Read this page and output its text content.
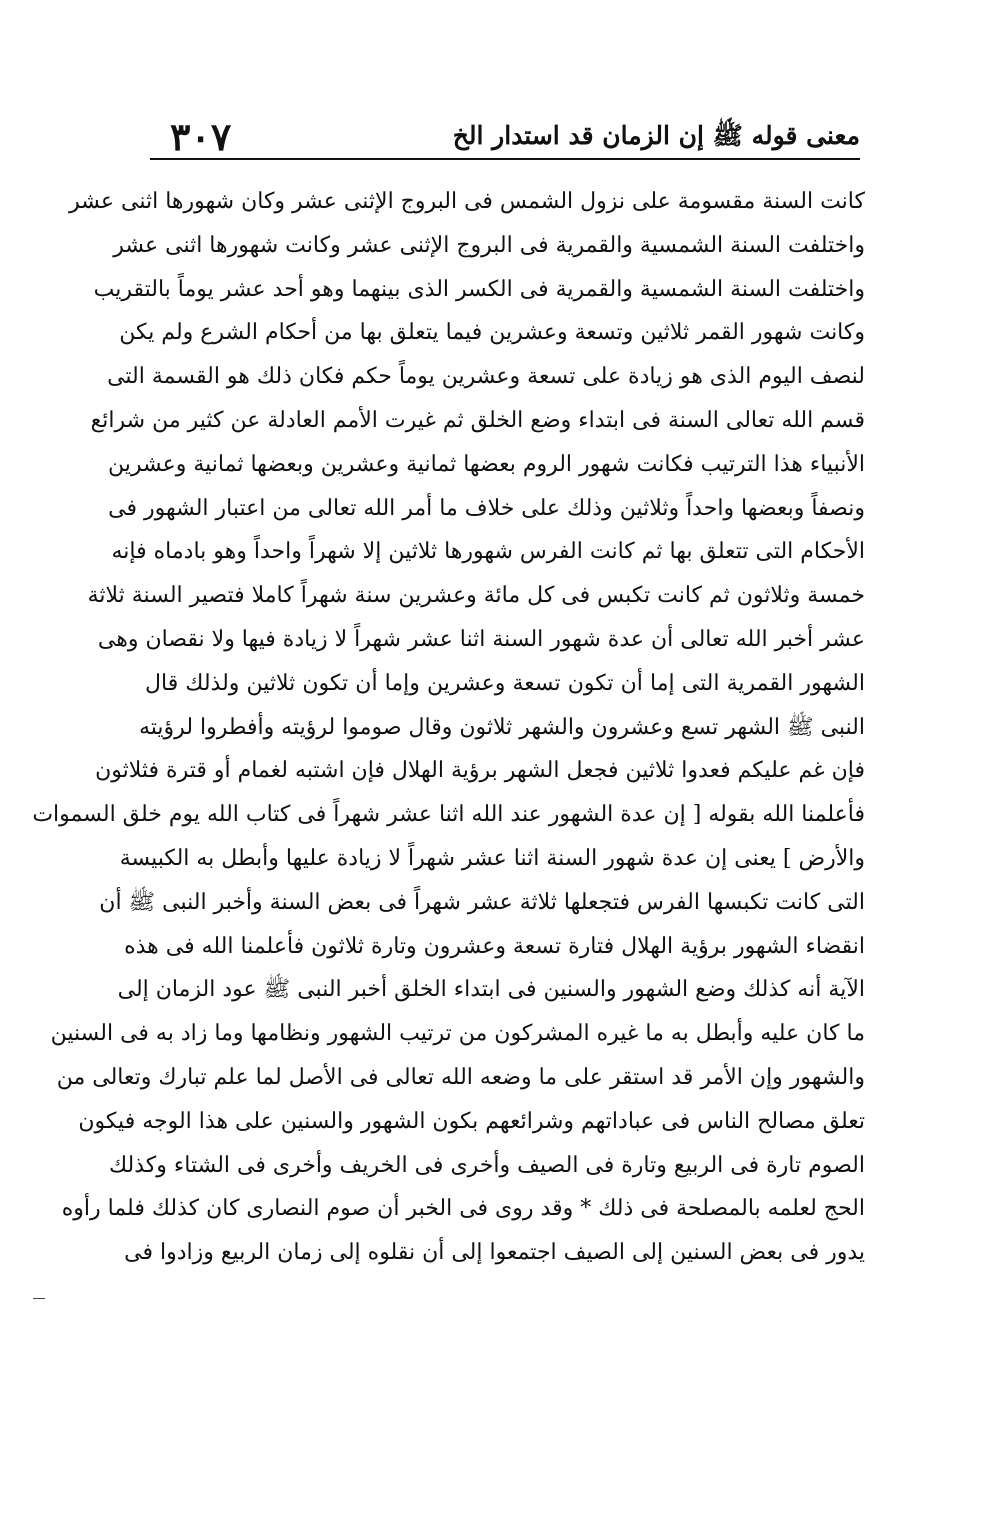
٣٠٧	معنى قوله ﷺ إن الزمان قد استدار الخ
كانت السنة مقسومة على نزول الشمس فى البروج الإثنى عشر وكان شهورها اثنى عشر
واختلفت السنة الشمسية والقمرية فى البروج الإثنى عشر وكانت شهورها اثنى عشر
واختلفت السنة الشمسية والقمرية فى الكسر الذى بينهما وهو أحد عشر يوماً بالتقريب
وكانت شهور القمر ثلاثين وتسعة وعشرين فيما يتعلق بها من أحكام الشرع ولم يكن
لنصف اليوم الذى هو زيادة على تسعة وعشرين يوماً حكم فكان ذلك هو القسمة التى
قسم الله تعالى السنة فى ابتداء وضع الخلق ثم غيرت الأمم العادلة عن كثير من شرائع
الأنبياء هذا الترتيب فكانت شهور الروم بعضها ثمانية وعشرين وبعضها ثمانية وعشرين
ونصفاً وبعضها واحداً وثلاثين وذلك على خلاف ما أمر الله تعالى من اعتبار الشهور فى
الأحكام التى تتعلق بها ثم كانت الفرس شهورها ثلاثين إلا شهراً واحداً وهو بادماه فإنه
خمسة وثلاثون ثم كانت تكبس فى كل مائة وعشرين سنة شهراً كاملا فتصير السنة ثلاثة
عشر أخبر الله تعالى أن عدة شهور السنة اثنا عشر شهراً لا زيادة فيها ولا نقصان وهى
الشهور القمرية التى إما أن تكون تسعة وعشرين وإما أن تكون ثلاثين ولذلك قال
النبى ﷺ الشهر تسع وعشرون والشهر ثلاثون وقال صوموا لرؤيته وأفطروا لرؤيته
فإن غم عليكم فعدوا ثلاثين فجعل الشهر برؤية الهلال فإن اشتبه لغمام أو قترة فثلاثون
فأعلمنا الله بقوله [ إن عدة الشهور عند الله اثنا عشر شهراً فى كتاب الله يوم خلق السموات
والأرض ] يعنى إن عدة شهور السنة اثنا عشر شهراً لا زيادة عليها وأبطل به الكبيسة
التى كانت تكبسها الفرس فتجعلها ثلاثة عشر شهراً فى بعض السنة وأخبر النبى ﷺ أن
انقضاء الشهور برؤية الهلال فتارة تسعة وعشرون وتارة ثلاثون فأعلمنا الله فى هذه
الآية أنه كذلك وضع الشهور والسنين فى ابتداء الخلق أخبر النبى ﷺ عود الزمان إلى
ما كان عليه وأبطل به ما غيره المشركون من ترتيب الشهور ونظامها وما زاد به فى السنين
والشهور وإن الأمر قد استقر على ما وضعه الله تعالى فى الأصل لما علم تبارك وتعالى من
تعلق مصالح الناس فى عباداتهم وشرائعهم بكون الشهور والسنين على هذا الوجه فيكون
الصوم تارة فى الربيع وتارة فى الصيف وأخرى فى الخريف وأخرى فى الشتاء وكذلك
الحج لعلمه بالمصلحة فى ذلك * وقد روى فى الخبر أن صوم النصارى كان كذلك فلما رأوه
يدور فى بعض السنين إلى الصيف اجتمعوا إلى أن نقلوه إلى زمان الربيع وزادوا فى
